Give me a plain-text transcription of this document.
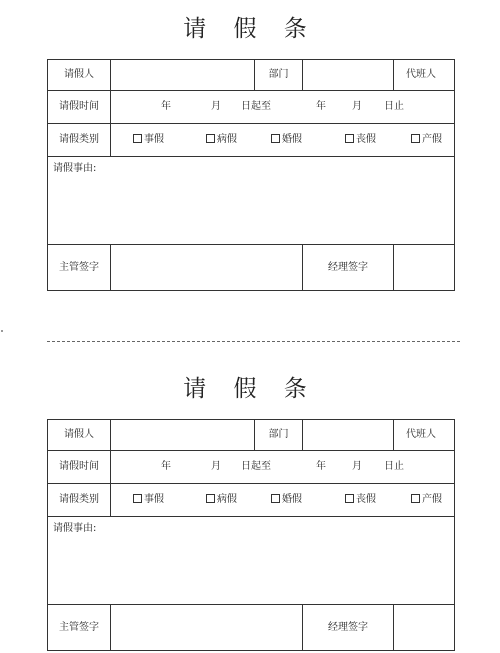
请 假 条
请假人	部门	代班人
请假时间	年	月 日起至	年	月 日止
请假类别	事假	病假	婚假	丧假	产假
请假事由:
主管签字	经理签字
请 假 条
请假人	部门	代班人
请假时间	年	月 日起至	年	月 日止
请假类别	事假	病假	婚假	丧假	产假
请假事由:
主管签字	经理签字
